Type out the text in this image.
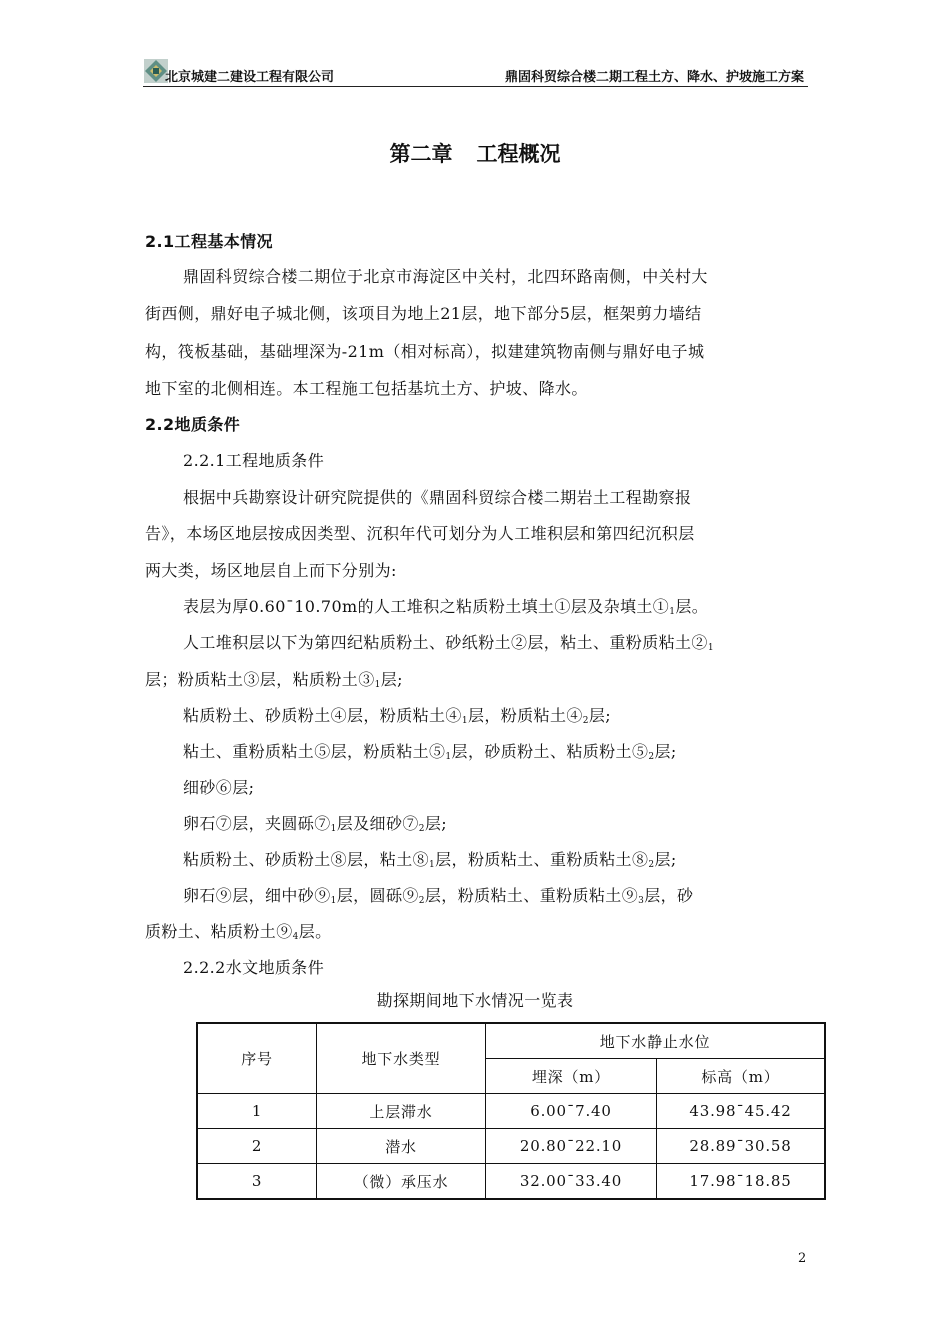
北京城建二建设工程有限公司	鼎固科贸综合楼二期工程土方、降水、护坡施工方案
第二章 工程概况
2.1工程基本情况
鼎固科贸综合楼二期位于北京市海淀区中关村，北四环路南侧，中关村大
街西侧，鼎好电子城北侧，该项目为地上21层，地下部分5层，框架剪力墙结
构，筏板基础，基础埋深为-21m（相对标高），拟建建筑物南侧与鼎好电子城
地下室的北侧相连。本工程施工包括基坑土方、护坡、降水。
2.2地质条件
2.2.1工程地质条件
根据中兵勘察设计研究院提供的《鼎固科贸综合楼二期岩土工程勘察报
告》，本场区地层按成因类型、沉积年代可划分为人工堆积层和第四纪沉积层
两大类，场区地层自上而下分别为:
表层为厚0.60¯10.70m的人工堆积之粘质粉土填土①层及杂填土$①_1$层。
人工堆积层以下为第四纪粘质粉土、砂纸粉土②层，粘土、重粉质粘土$②_1$
层；粉质粘土③层，粘质粉土$③_1$层;
粘质粉土、砂质粉土④层，粉质粘土$④_1$层，粉质粘土$④_2$层;
粘土、重粉质粘土⑤层，粉质粘土$⑤_1$层，砂质粉土、粘质粉土$⑤_2$层;
细砂⑥层;
卵石⑦层，夹圆砾$⑦_1$层及细砂$⑦_2$层;
粘质粉土、砂质粉土⑧层，粘土$⑧_1$层，粉质粘土、重粉质粘土$⑧_2$层;
卵石⑨层，细中砂$⑨_1$层，圆砾$⑨_2$层，粉质粘土、重粉质粘土$⑨_3$层，砂
质粉土、粘质粉土$⑨_4$层。
2.2.2水文地质条件
勘探期间地下水情况一览表
序号	地下水类型	地下水静止水位	
		埋深（m）	标高（m）
1	上层滞水	6.00¯7.40	43.98¯45.42
2	潜水	20.80¯22.10	28.89¯30.58
3	（微）承压水	32.00¯33.40	17.98¯18.85
2
